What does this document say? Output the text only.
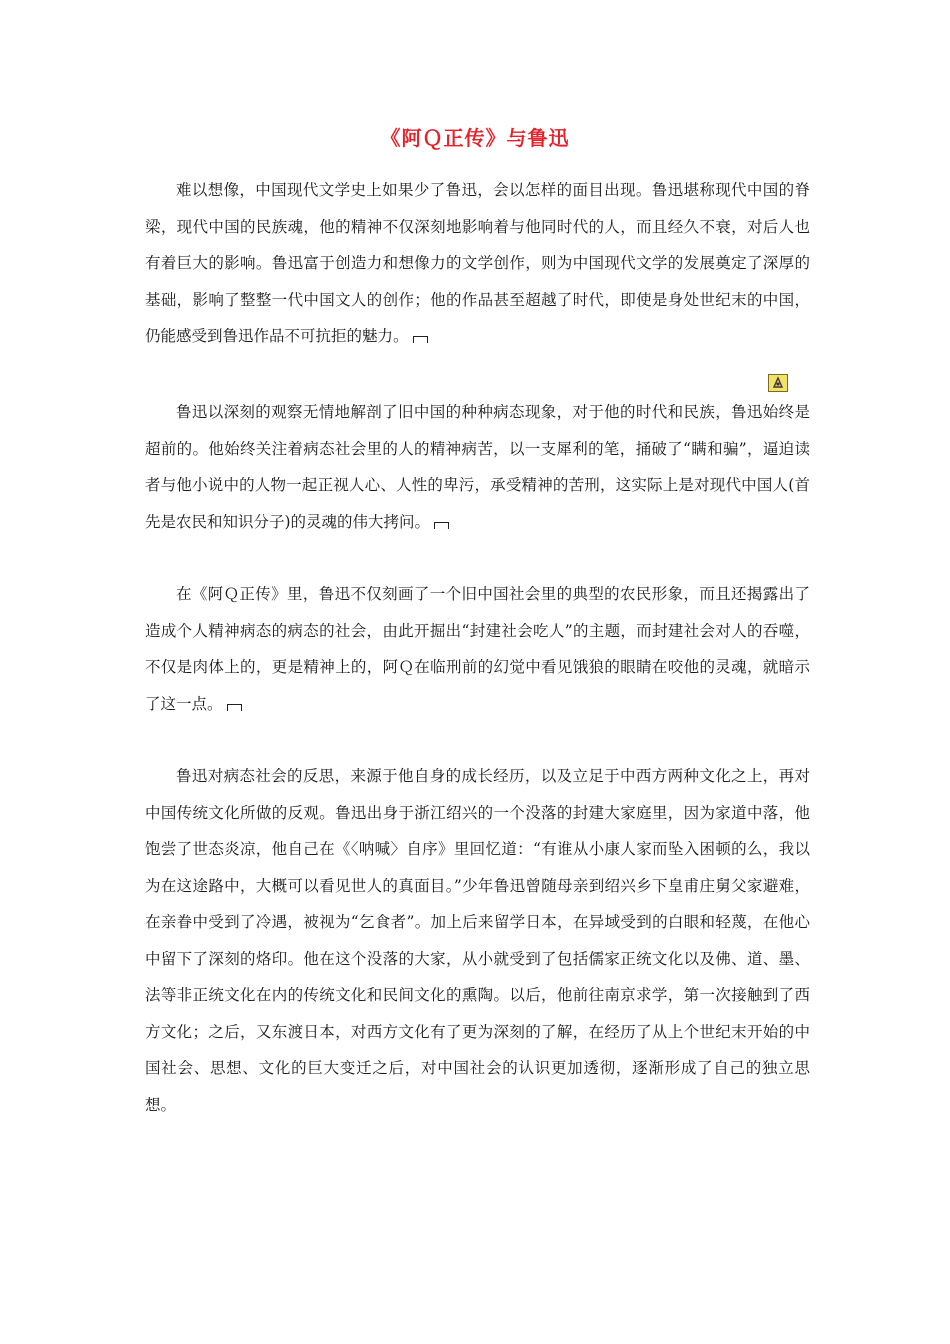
《阿Ｑ正传》与鲁迅

难以想像，中国现代文学史上如果少了鲁迅，会以怎样的面目出现。鲁迅堪称现代中国的脊梁，现代中国的民族魂，他的精神不仅深刻地影响着与他同时代的人，而且经久不衰，对后人也有着巨大的影响。鲁迅富于创造力和想像力的文学创作，则为中国现代文学的发展奠定了深厚的基础，影响了整整一代中国文人的创作；他的作品甚至超越了时代，即使是身处世纪末的中国，仍能感受到鲁迅作品不可抗拒的魅力。

鲁迅以深刻的观察无情地解剖了旧中国的种种病态现象，对于他的时代和民族，鲁迅始终是超前的。他始终关注着病态社会里的人的精神病苦，以一支犀利的笔，捅破了“瞒和骗”，逼迫读者与他小说中的人物一起正视人心、人性的卑污，承受精神的苦刑，这实际上是对现代中国人(首先是农民和知识分子)的灵魂的伟大拷问。

在《阿Ｑ正传》里，鲁迅不仅刻画了一个旧中国社会里的典型的农民形象，而且还揭露出了造成个人精神病态的病态的社会，由此开掘出“封建社会吃人”的主题，而封建社会对人的吞噬，不仅是肉体上的，更是精神上的，阿Ｑ在临刑前的幻觉中看见饿狼的眼睛在咬他的灵魂，就暗示了这一点。

鲁迅对病态社会的反思，来源于他自身的成长经历，以及立足于中西方两种文化之上，再对中国传统文化所做的反观。鲁迅出身于浙江绍兴的一个没落的封建大家庭里，因为家道中落，他饱尝了世态炎凉，他自己在《〈呐喊〉自序》里回忆道：“有谁从小康人家而坠入困顿的么，我以为在这途路中，大概可以看见世人的真面目。”少年鲁迅曾随母亲到绍兴乡下皇甫庄舅父家避难，在亲眷中受到了冷遇，被视为“乞食者”。加上后来留学日本，在异域受到的白眼和轻蔑，在他心中留下了深刻的烙印。他在这个没落的大家，从小就受到了包括儒家正统文化以及佛、道、墨、法等非正统文化在内的传统文化和民间文化的熏陶。以后，他前往南京求学，第一次接触到了西方文化；之后，又东渡日本，对西方文化有了更为深刻的了解，在经历了从上个世纪末开始的中国社会、思想、文化的巨大变迁之后，对中国社会的认识更加透彻，逐渐形成了自己的独立思想。
